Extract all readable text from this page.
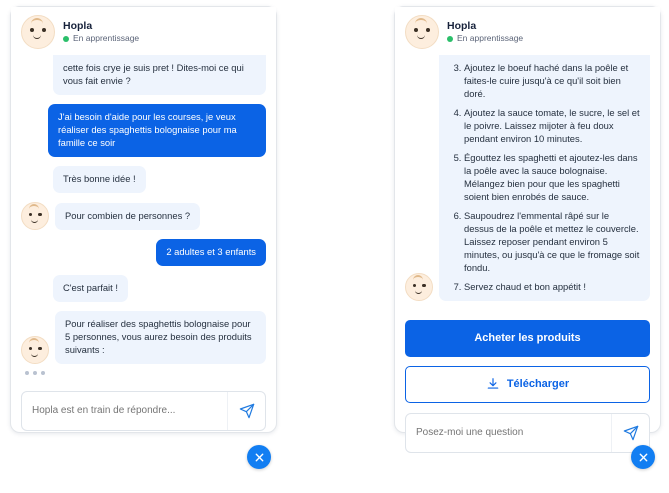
Hopla
En apprentissage
cette fois crye je suis pret ! Dites-moi ce qui vous fait envie ?
J'ai besoin d'aide pour les courses, je veux réaliser des spaghettis bolognaise pour ma famille ce soir
Très bonne idée !
Pour combien de personnes ?
2 adultes et 3 enfants
C'est parfait !
Pour réaliser des spaghettis bolognaise pour 5 personnes, vous aurez besoin des produits suivants :
Hopla est en train de répondre...
Hopla
En apprentissage
3. Ajoutez le boeuf haché dans la poêle et faites-le cuire jusqu'à ce qu'il soit bien doré.
4. Ajoutez la sauce tomate, le sucre, le sel et le poivre. Laissez mijoter à feu doux pendant environ 10 minutes.
5. Égouttez les spaghetti et ajoutez-les dans la poêle avec la sauce bolognaise. Mélangez bien pour que les spaghetti soient bien enrobés de sauce.
6. Saupoudrez l'emmental râpé sur le dessus de la poêle et mettez le couvercle. Laissez reposer pendant environ 5 minutes, ou jusqu'à ce que le fromage soit fondu.
7. Servez chaud et bon appétit !
Acheter les produits
Télécharger
Posez-moi une question
